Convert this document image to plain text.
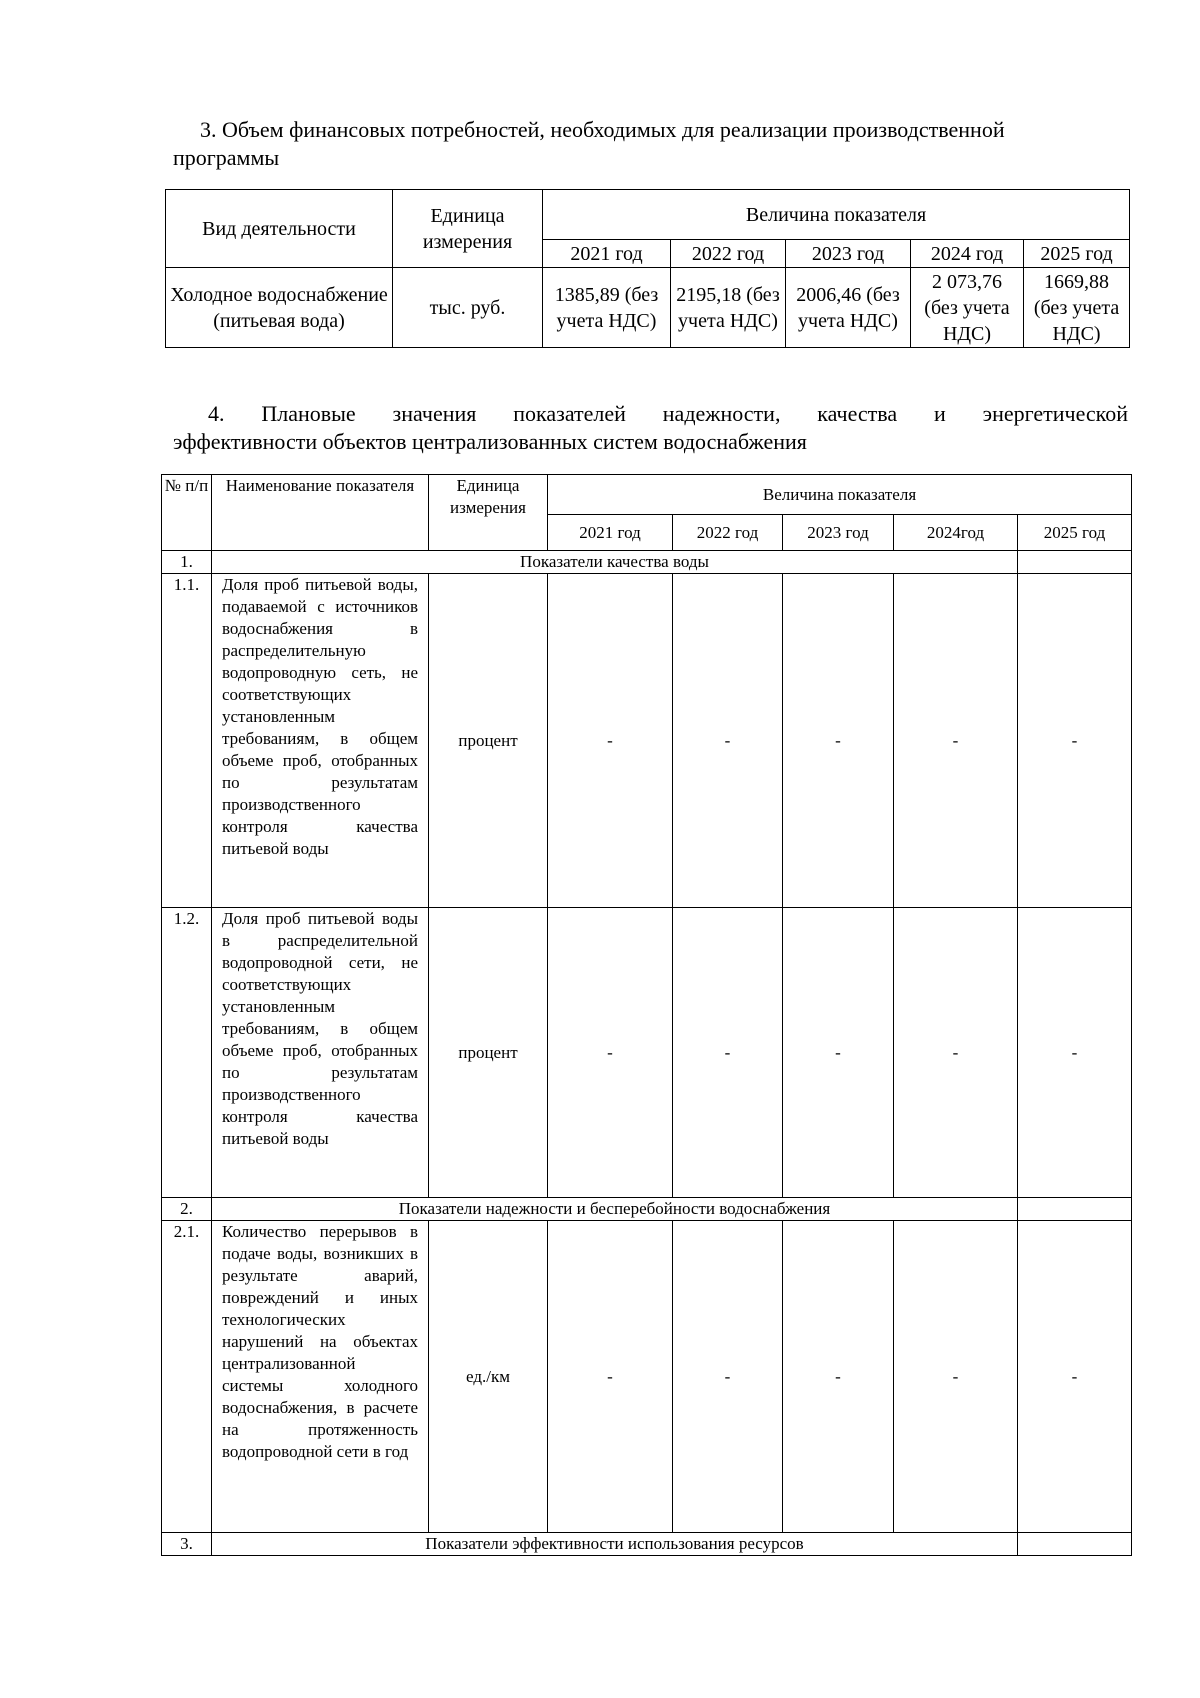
3. Объем финансовых потребностей, необходимых для реализации производственной
программы
Вид деятельности	Единица измерения	Величина показателя				
		2021 год	2022 год	2023 год	2024 год	2025 год
Холодное водоснабжение (питьевая вода)	тыс. руб.	1385,89 (без учета НДС)	2195,18 (без учета НДС)	2006,46 (без учета НДС)	2 073,76 (без учета НДС)	1669,88 (без учета НДС)
4. Плановые значения показателей надежности, качества и энергетической
эффективности объектов централизованных систем водоснабжения
№ п/п	Наименование показателя	Единица измерения	Величина показателя				
			2021 год	2022 год	2023 год	2024год	2025 год
1.	Показатели качества воды						
1.1.	Доля проб питьевой воды, подаваемой с источников водоснабжения в распределительную водопроводную сеть, не соответствующих установленным требованиям, в общем объеме проб, отобранных по результатам производственного контроля качества питьевой воды	процент	-	-	-	-	-
1.2.	Доля проб питьевой воды в распределительной водопроводной сети, не соответствующих установленным требованиям, в общем объеме проб, отобранных по результатам производственного контроля качества питьевой воды	процент	-	-	-	-	-
2.	Показатели надежности и бесперебойности водоснабжения						
2.1.	Количество перерывов в подаче воды, возникших в результате аварий, повреждений и иных технологических нарушений на объектах централизованной системы холодного водоснабжения, в расчете на протяженность водопроводной сети в год	ед./км	-	-	-	-	-
3.	Показатели эффективности использования ресурсов						
